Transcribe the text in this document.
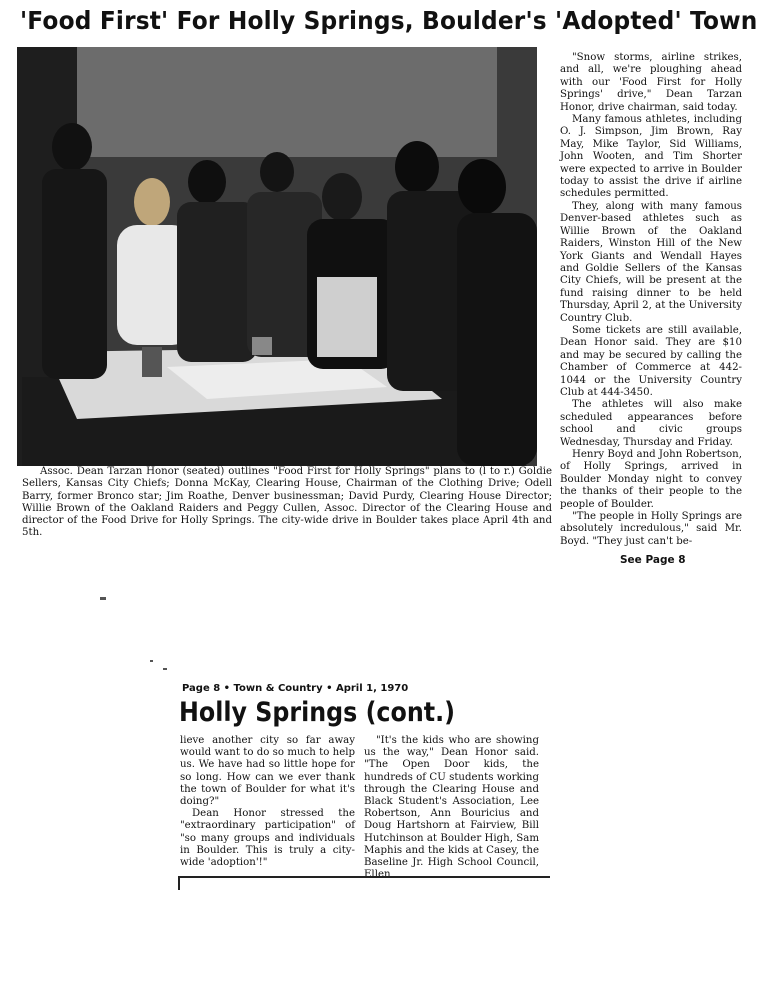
'Food First' For Holly Springs, Boulder's 'Adopted' Town
Assoc. Dean Tarzan Honor (seated) outlines "Food First for Holly Springs" plans to (l to r.) Goldie Sellers, Kansas City Chiefs; Donna McKay, Clearing House, Chairman of the Clothing Drive; Odell Barry, former Bronco star; Jim Roathe, Denver businessman; David Purdy, Clearing House Director; Willie Brown of the Oakland Raiders and Peggy Cullen, Assoc. Director of the Clearing House and director of the Food Drive for Holly Springs. The city-wide drive in Boulder takes place April 4th and 5th.

"Snow storms, airline strikes, and all, we're ploughing ahead with our 'Food First for Holly Springs' drive," Dean Tarzan Honor, drive chairman, said today.

Many famous athletes, including O. J. Simpson, Jim Brown, Ray May, Mike Taylor, Sid Williams, John Wooten, and Tim Shorter were expected to arrive in Boulder today to assist the drive if airline schedules permitted.

They, along with many famous Denver-based athletes such as Willie Brown of the Oakland Raiders, Winston Hill of the New York Giants and Wendall Hayes and Goldie Sellers of the Kansas City Chiefs, will be present at the fund raising dinner to be held Thursday, April 2, at the University Country Club.

Some tickets are still available, Dean Honor said. They are $10 and may be secured by calling the Chamber of Commerce at 442-1044 or the University Country Club at 444-3450.

The athletes will also make scheduled appearances before school and civic groups Wednesday, Thursday and Friday.

Henry Boyd and John Robertson, of Holly Springs, arrived in Boulder Monday night to convey the thanks of their people to the people of Boulder.

"The people in Holly Springs are absolutely incredulous," said Mr. Boyd. "They just can't be-

See Page 8
Page 8 • Town & Country • April 1, 1970
Holly Springs (cont.)

lieve another city so far away would want to do so much to help us. We have had so little hope for so long. How can we ever thank the town of Boulder for what it's doing?"

Dean Honor stressed the "extraordinary participation" of "so many groups and individuals in Boulder. This is truly a city-wide 'adoption'!"

"It's the kids who are showing us the way," Dean Honor said. "The Open Door kids, the hundreds of CU students working through the Clearing House and Black Student's Association, Lee Robertson, Ann Bouricius and Doug Hartshorn at Fairview, Bill Hutchinson at Boulder High, Sam Maphis and the kids at Casey, the Baseline Jr. High School Council, Ellen
